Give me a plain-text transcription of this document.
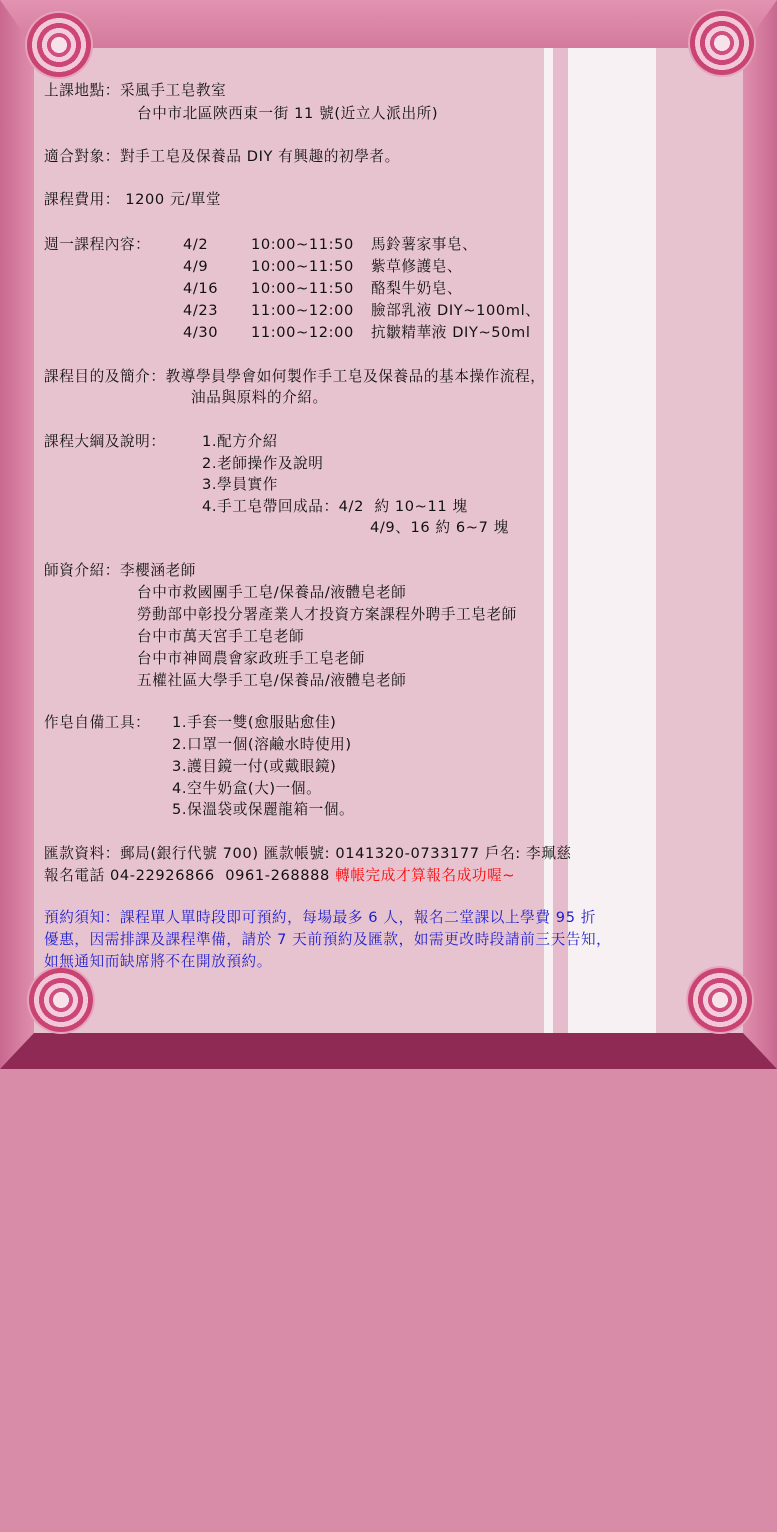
上課地點：采風手工皂教室

台中市北區陜西東一街 11 號(近立人派出所)

適合對象：對手工皂及保養品 DIY 有興趣的初學者。

課程費用： 1200 元/單堂

週一課程內容：

4/2

	10:00~11:50

馬鈴薯家事皂、

4/9

	10:00~11:50

紫草修護皂、

4/16

10:00~11:50

酪梨牛奶皂、

4/23

11:00~12:00

臉部乳液 DIY~100ml、

4/30

11:00~12:00

抗皺精華液 DIY~50ml

課程目的及簡介：教導學員學會如何製作手工皂及保養品的基本操作流程，

油品與原料的介紹。

課程大綱及說明：

1.配方介紹

2.老師操作及說明

3.學員實作

4.手工皂帶回成品：4/2  約 10~11 塊

4/9、16 約 6~7 塊

師資介紹：李櫻涵老師

台中市救國團手工皂/保養品/液體皂老師

勞動部中彰投分署產業人才投資方案課程外聘手工皂老師

台中市萬天宮手工皂老師

台中市神岡農會家政班手工皂老師

五權社區大學手工皂/保養品/液體皂老師

作皂自備工具：

1.手套一雙(愈服貼愈佳)

2.口罩一個(溶鹼水時使用)

3.護目鏡一付(或戴眼鏡)

4.空牛奶盒(大)一個。

5.保溫袋或保麗龍箱一個。

匯款資料：郵局(銀行代號 700) 匯款帳號: 0141320-0733177 戶名: 李珮慈

報名電話 04-22926866  0961-268888 轉帳完成才算報名成功喔~

預約須知：課程單人單時段即可預約，每場最多 6 人，報名二堂課以上學費 95 折

優惠，因需排課及課程準備，請於 7 天前預約及匯款，如需更改時段請前三天告知，

如無通知而缺席將不在開放預約。
